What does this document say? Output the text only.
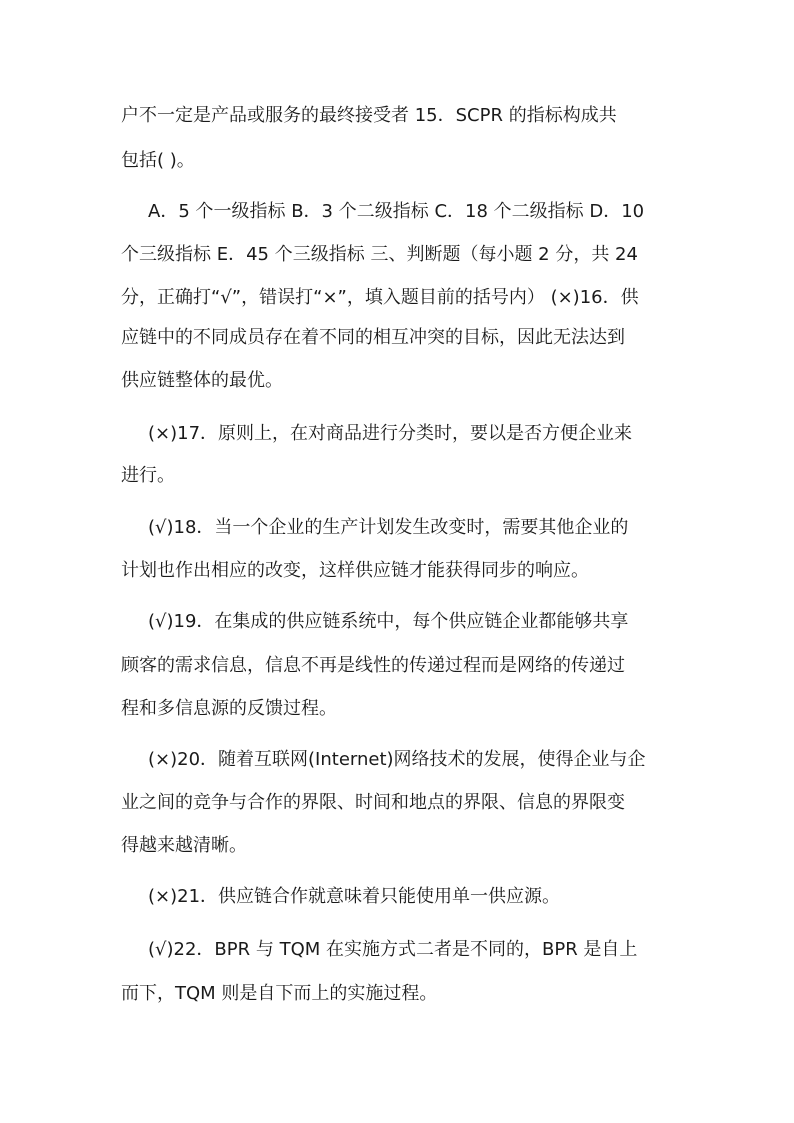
户不一定是产品或服务的最终接受者 15．SCPR 的指标构成共

包括( )。

A．5 个一级指标 B．3 个二级指标 C．18 个二级指标 D．10

个三级指标 E．45 个三级指标 三、判断题（每小题 2 分，共 24

分，正确打“√”，错误打“×”，填入题目前的括号内） (×)16．供

应链中的不同成员存在着不同的相互冲突的目标，因此无法达到

供应链整体的最优。

(×)17．原则上，在对商品进行分类时，要以是否方便企业来

进行。

(√)18．当一个企业的生产计划发生改变时，需要其他企业的

计划也作出相应的改变，这样供应链才能获得同步的响应。

(√)19．在集成的供应链系统中，每个供应链企业都能够共享

顾客的需求信息，信息不再是线性的传递过程而是网络的传递过

程和多信息源的反馈过程。

(×)20．随着互联网(Internet)网络技术的发展，使得企业与企

业之间的竞争与合作的界限、时间和地点的界限、信息的界限变

得越来越清晰。

(×)21．供应链合作就意味着只能使用单一供应源。

(√)22．BPR 与 TQM 在实施方式二者是不同的，BPR 是自上

而下，TQM 则是自下而上的实施过程。
